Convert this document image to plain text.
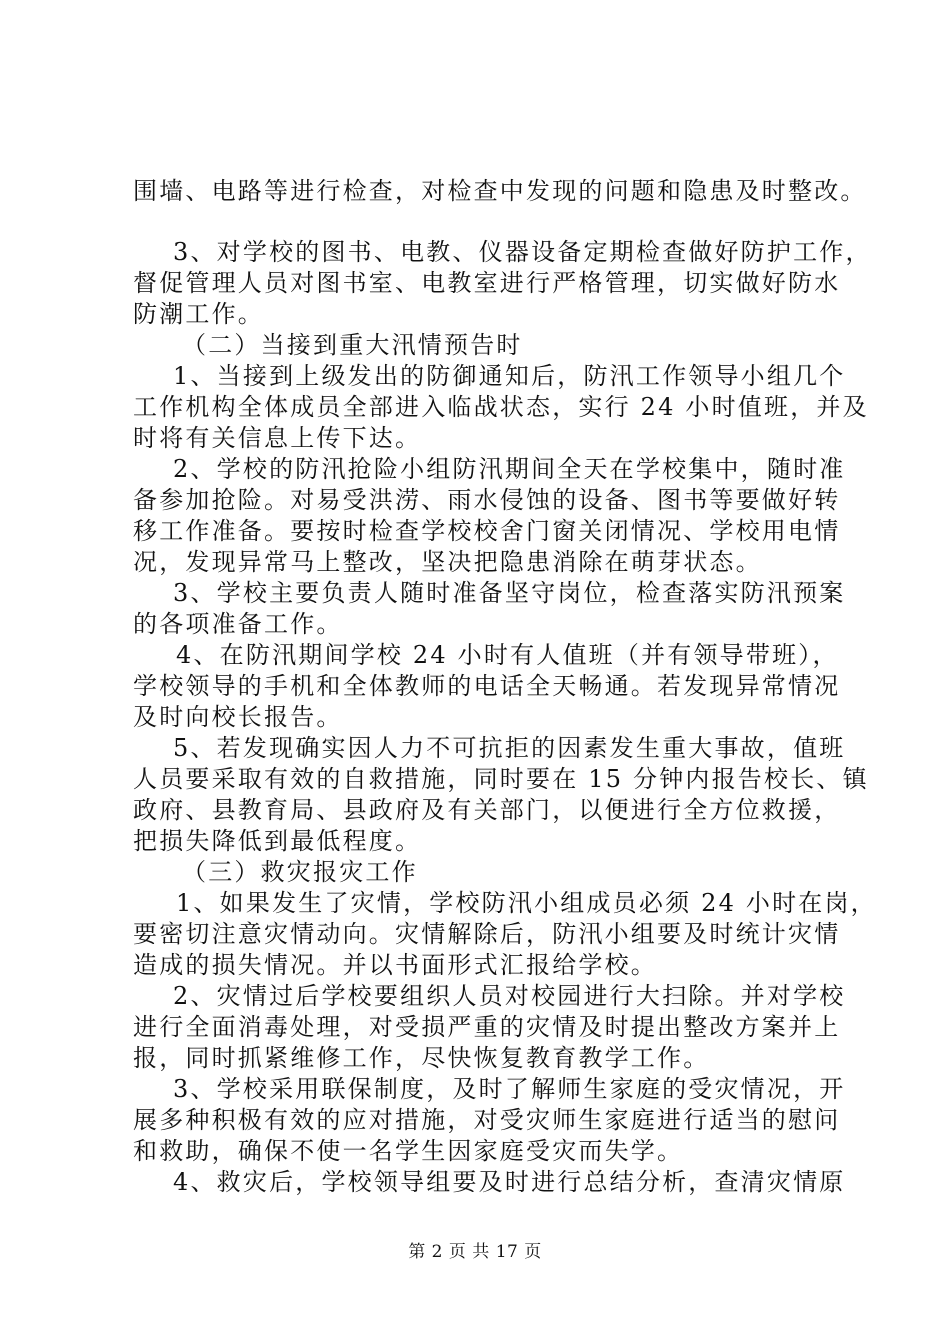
围墙、电路等进行检查，对检查中发现的问题和隐患及时整改。
3、对学校的图书、电教、仪器设备定期检查做好防护工作，
督促管理人员对图书室、电教室进行严格管理，切实做好防水
防潮工作。
（二）当接到重大汛情预告时
1、当接到上级发出的防御通知后，防汛工作领导小组几个
工作机构全体成员全部进入临战状态，实行 24 小时值班，并及
时将有关信息上传下达。
2、学校的防汛抢险小组防汛期间全天在学校集中，随时准
备参加抢险。对易受洪涝、雨水侵蚀的设备、图书等要做好转
移工作准备。要按时检查学校校舍门窗关闭情况、学校用电情
况，发现异常马上整改，坚决把隐患消除在萌芽状态。
3、学校主要负责人随时准备坚守岗位，检查落实防汛预案
的各项准备工作。
4、在防汛期间学校 24 小时有人值班（并有领导带班），
学校领导的手机和全体教师的电话全天畅通。若发现异常情况
及时向校长报告。
5、若发现确实因人力不可抗拒的因素发生重大事故，值班
人员要采取有效的自救措施，同时要在 15 分钟内报告校长、镇
政府、县教育局、县政府及有关部门，以便进行全方位救援，
把损失降低到最低程度。
（三）救灾报灾工作
1、如果发生了灾情，学校防汛小组成员必须 24 小时在岗，
要密切注意灾情动向。灾情解除后，防汛小组要及时统计灾情
造成的损失情况。并以书面形式汇报给学校。
2、灾情过后学校要组织人员对校园进行大扫除。并对学校
进行全面消毒处理，对受损严重的灾情及时提出整改方案并上
报，同时抓紧维修工作，尽快恢复教育教学工作。
3、学校采用联保制度，及时了解师生家庭的受灾情况，开
展多种积极有效的应对措施，对受灾师生家庭进行适当的慰问
和救助，确保不使一名学生因家庭受灾而失学。
4、救灾后，学校领导组要及时进行总结分析，查清灾情原
第 2 页 共 17 页
